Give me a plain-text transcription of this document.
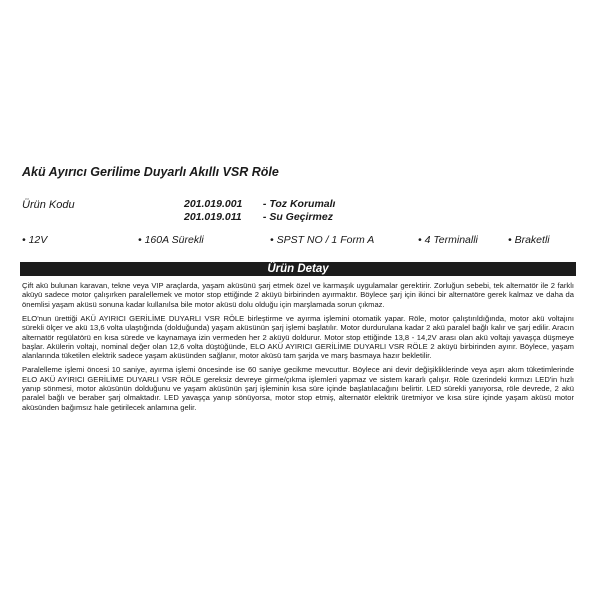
Akü Ayırıcı Gerilime Duyarlı Akıllı VSR Röle
Ürün Kodu	201.019.001 - Toz Korumalı
201.019.011 - Su Geçirmez
• 12V	• 160A Sürekli	• SPST NO / 1 Form A	• 4 Terminalli	• Braketli
Ürün Detay

Çift akü bulunan karavan, tekne veya VIP araçlarda, yaşam aküsünü şarj etmek özel ve karmaşık uygulamalar gerektirir. Zorluğun sebebi, tek alternatör ile 2 farklı aküyü sadece motor çalışırken paralellemek ve motor stop ettiğinde 2 aküyü birbirinden ayırmaktır. Böylece şarj için ikinci bir alternatöre gerek kalmaz ve daha da önemlisi yaşam aküsü sonuna kadar kullanılsa bile motor aküsü dolu olduğu için marşlamada sorun çıkmaz.

ELO'nun ürettiği AKÜ AYIRICI GERİLİME DUYARLI VSR RÖLE birleştirme ve ayırma işlemini otomatik yapar. Röle, motor çalıştırıldığında, motor akü voltajını sürekli ölçer ve akü 13,6 volta ulaştığında (dolduğunda) yaşam aküsünün şarj işlemi başlatılır. Motor durdurulana kadar 2 akü paralel bağlı kalır ve şarj edilir. Aracın alternatör regülatörü en kısa sürede ve kaynamaya izin vermeden her 2 aküyü doldurur. Motor stop ettiğinde 13,8 - 14,2V arası olan akü voltajı yavaşça düşmeye başlar. Akülerin voltajı, nominal değer olan 12,6 volta düştüğünde, ELO AKÜ AYIRICI GERİLİME DUYARLI VSR RÖLE 2 aküyü birbirinden ayırır. Böylece, yaşam alanlarında tüketilen elektrik sadece yaşam aküsünden sağlanır, motor aküsü tam şarjda ve marş basmaya hazır bekletilir.

Paralelleme işlemi öncesi 10 saniye, ayırma işlemi öncesinde ise 60 saniye gecikme mevcuttur. Böylece ani devir değişikliklerinde veya aşırı akım tüketimlerinde ELO AKÜ AYIRICI GERİLİME DUYARLI VSR RÖLE gereksiz devreye girme/çıkma işlemleri yapmaz ve sistem kararlı çalışır. Röle üzerindeki kırmızı LED'in hızlı yanıp sönmesi, motor aküsünün dolduğunu ve yaşam aküsünün şarj işleminin kısa süre içinde başlatılacağını belirtir. LED sürekli yanıyorsa, röle devrede, 2 akü paralel bağlı ve beraber şarj olmaktadır. LED yavaşça yanıp sönüyorsa, motor stop etmiş, alternatör elektrik üretmiyor ve kısa süre içinde yaşam aküsü motor aküsünden bağımsız hale getirilecek anlamına gelir.
